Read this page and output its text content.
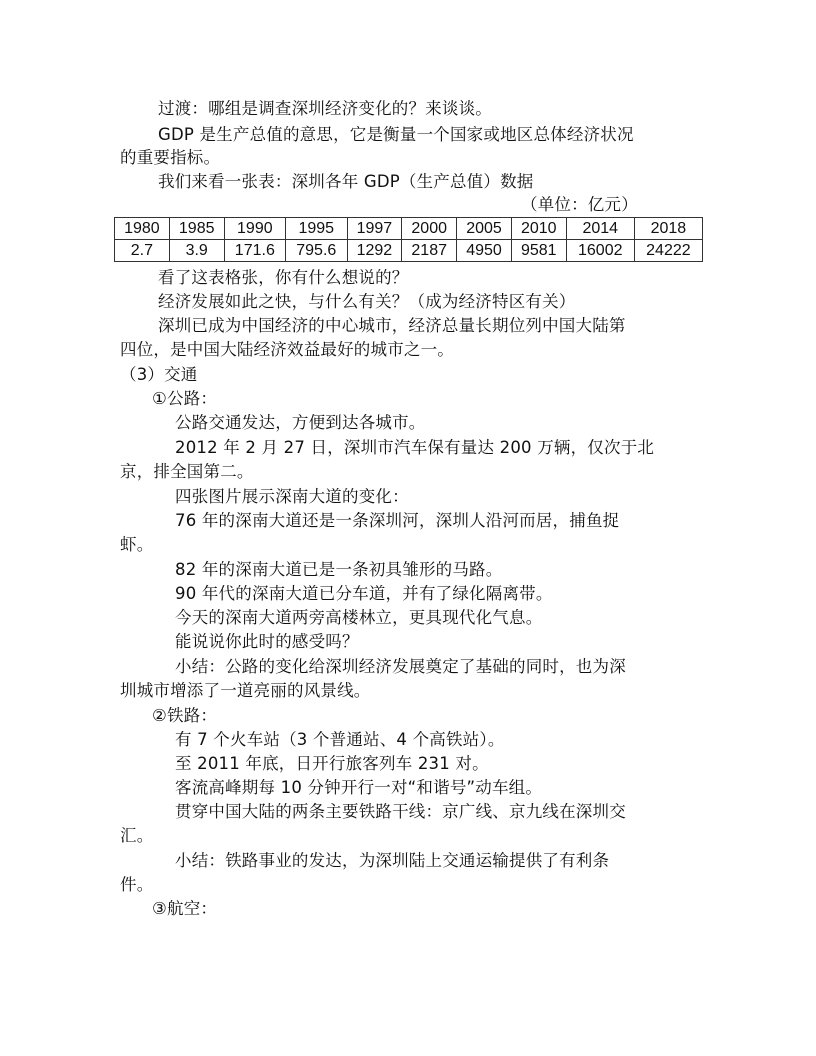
过渡：哪组是调查深圳经济变化的？来谈谈。
GDP 是生产总值的意思，它是衡量一个国家或地区总体经济状况
的重要指标。
我们来看一张表：深圳各年 GDP（生产总值）数据
（单位：亿元）
1980	1985	1990	1995	1997	2000	2005	2010	2014	2018
2.7	3.9	171.6	795.6	1292	2187	4950	9581	16002	24222
看了这表格张，你有什么想说的？
经济发展如此之快，与什么有关？（成为经济特区有关）
深圳已成为中国经济的中心城市，经济总量长期位列中国大陆第
四位，是中国大陆经济效益最好的城市之一。
（3）交通
①公路：
公路交通发达，方便到达各城市。
2012 年 2 月 27 日，深圳市汽车保有量达 200 万辆，仅次于北
京，排全国第二。
四张图片展示深南大道的变化：
76 年的深南大道还是一条深圳河，深圳人沿河而居，捕鱼捉
虾。
82 年的深南大道已是一条初具雏形的马路。
90 年代的深南大道已分车道，并有了绿化隔离带。
今天的深南大道两旁高楼林立，更具现代化气息。
能说说你此时的感受吗？
小结：公路的变化给深圳经济发展奠定了基础的同时，也为深
圳城市增添了一道亮丽的风景线。
②铁路：
有 7 个火车站（3 个普通站、4 个高铁站）。
至 2011 年底，日开行旅客列车 231 对。
客流高峰期每 10 分钟开行一对“和谐号”动车组。
贯穿中国大陆的两条主要铁路干线：京广线、京九线在深圳交
汇。
小结：铁路事业的发达，为深圳陆上交通运输提供了有利条
件。
③航空：
